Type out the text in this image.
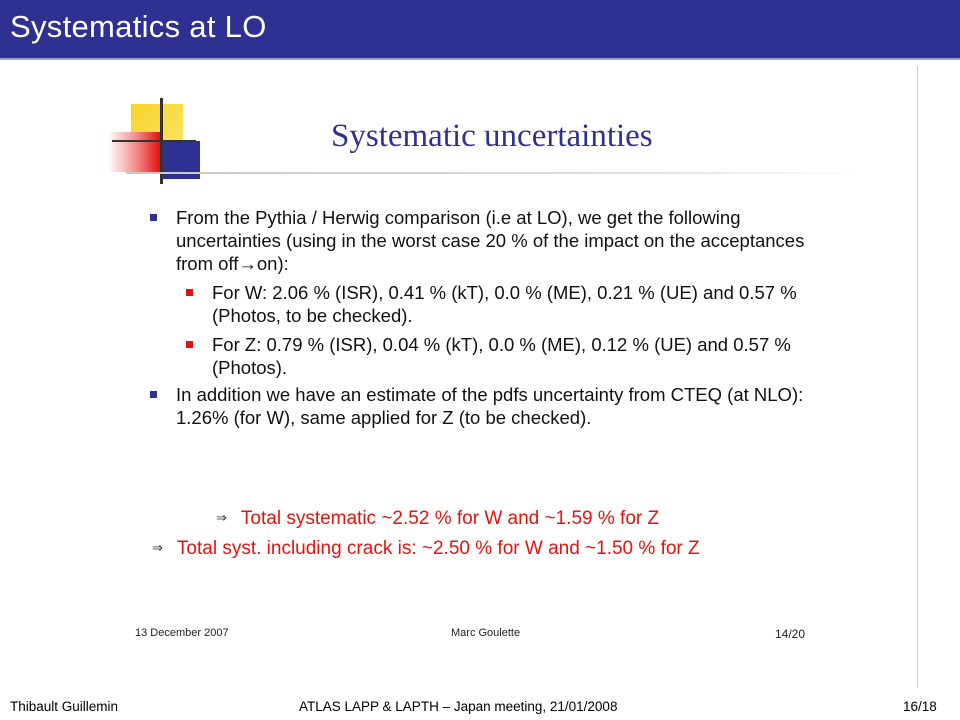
Systematics at LO
Systematic uncertainties
From the Pythia / Herwig comparison (i.e at LO), we get the following uncertainties (using in the worst case 20 % of the impact on the acceptances from off→on):
For W: 2.06 % (ISR), 0.41 % (kT), 0.0 % (ME), 0.21 % (UE) and 0.57 % (Photos, to be checked).
For Z: 0.79 % (ISR), 0.04 % (kT), 0.0 % (ME), 0.12 % (UE) and 0.57 % (Photos).
In addition we have an estimate of the pdfs uncertainty from CTEQ (at NLO): 1.26% (for W), same applied for Z (to be checked).
⇒ Total systematic ~2.52 % for W and ~1.59 % for Z
⇒ Total syst. including crack is: ~2.50 % for W and ~1.50 % for Z
13 December 2007	Marc Goulette	14/20
Thibault Guillemin	ATLAS LAPP & LAPTH – Japan meeting, 21/01/2008	16/18
